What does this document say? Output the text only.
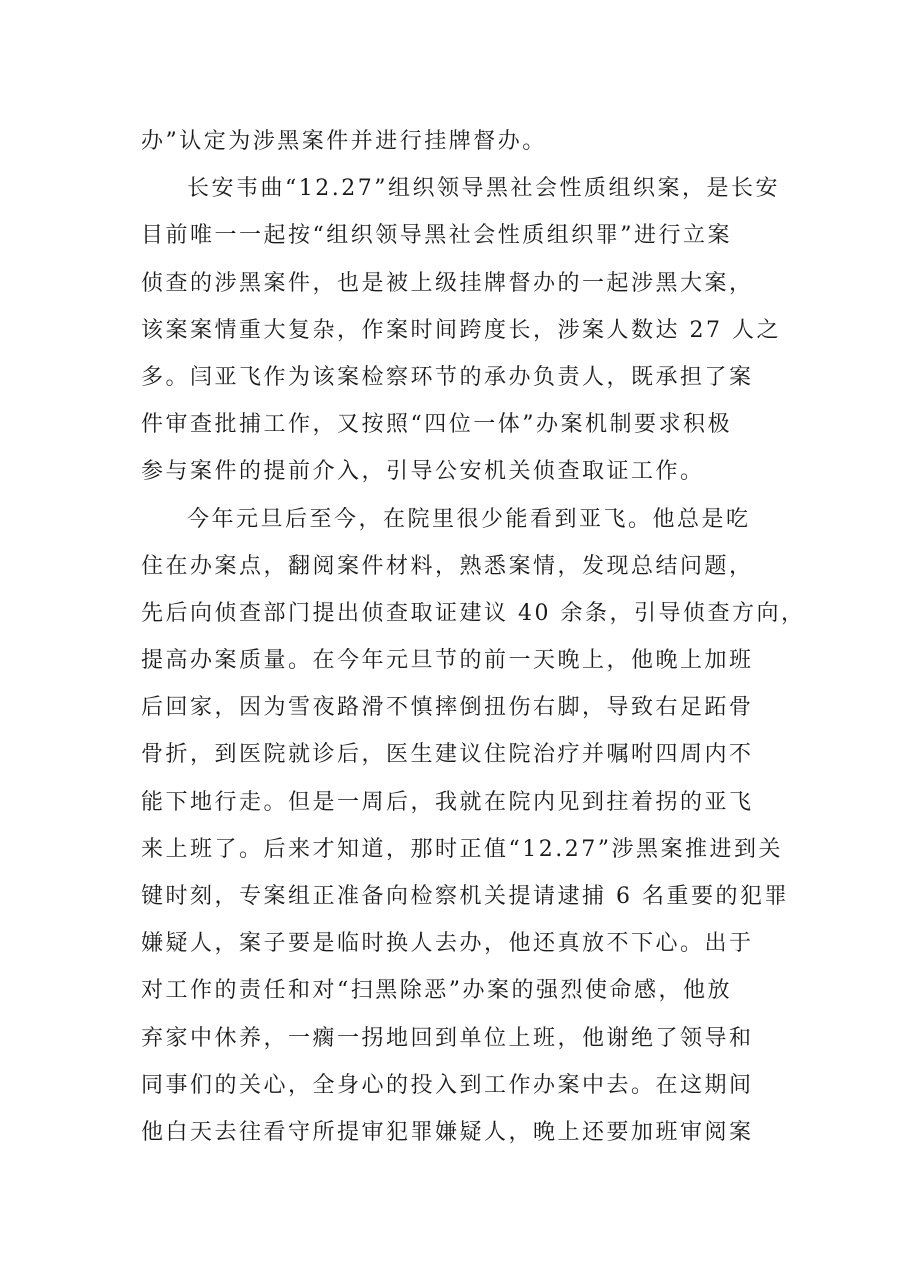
办”认定为涉黑案件并进行挂牌督办。
长安韦曲“12.27”组织领导黑社会性质组织案，是长安
目前唯一一起按“组织领导黑社会性质组织罪”进行立案
侦查的涉黑案件，也是被上级挂牌督办的一起涉黑大案，
该案案情重大复杂，作案时间跨度长，涉案人数达 27 人之
多。闫亚飞作为该案检察环节的承办负责人，既承担了案
件审查批捕工作，又按照“四位一体”办案机制要求积极
参与案件的提前介入，引导公安机关侦查取证工作。
今年元旦后至今，在院里很少能看到亚飞。他总是吃
住在办案点，翻阅案件材料，熟悉案情，发现总结问题，
先后向侦查部门提出侦查取证建议 40 余条，引导侦查方向，
提高办案质量。在今年元旦节的前一天晚上，他晚上加班
后回家，因为雪夜路滑不慎摔倒扭伤右脚，导致右足跖骨
骨折，到医院就诊后，医生建议住院治疗并嘱咐四周内不
能下地行走。但是一周后，我就在院内见到拄着拐的亚飞
来上班了。后来才知道，那时正值“12.27”涉黑案推进到关
键时刻，专案组正准备向检察机关提请逮捕 6 名重要的犯罪
嫌疑人，案子要是临时换人去办，他还真放不下心。出于
对工作的责任和对“扫黑除恶”办案的强烈使命感，他放
弃家中休养，一瘸一拐地回到单位上班，他谢绝了领导和
同事们的关心，全身心的投入到工作办案中去。在这期间
他白天去往看守所提审犯罪嫌疑人，晚上还要加班审阅案
